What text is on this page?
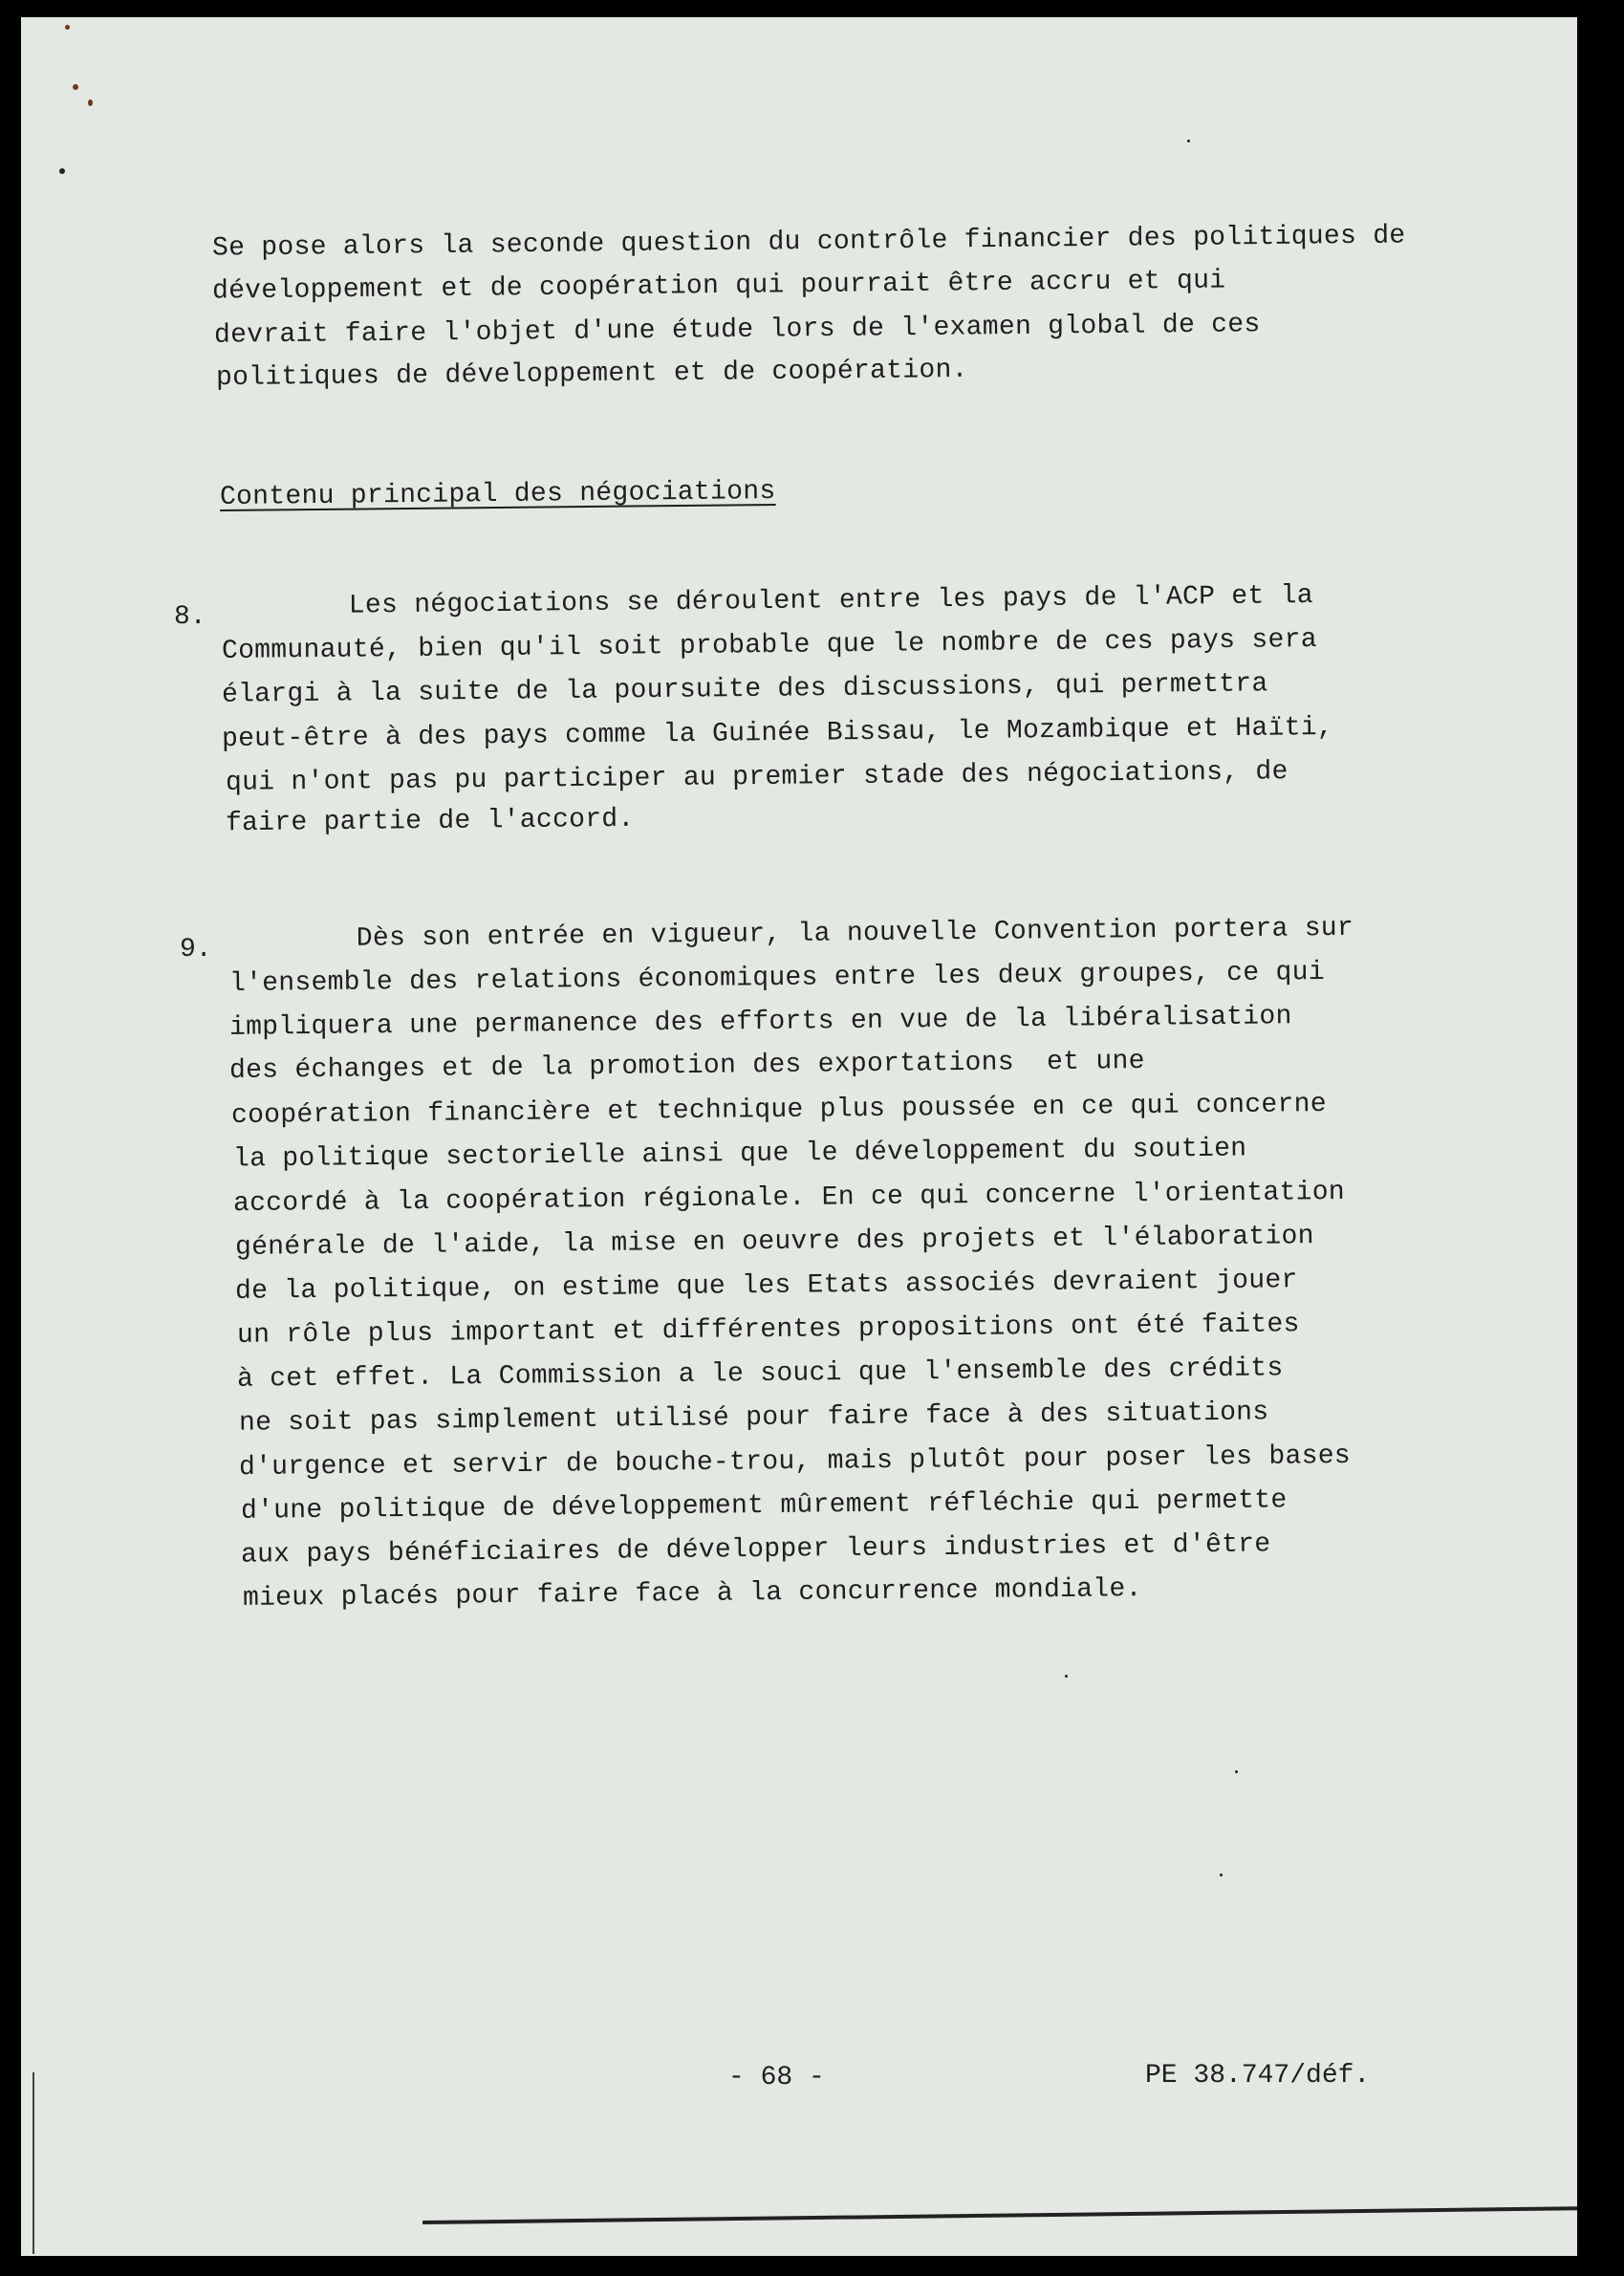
Se pose alors la seconde question du contrôle financier des politiques de
développement et de coopération qui pourrait être accru et qui
devrait faire l'objet d'une étude lors de l'examen global de ces
politiques de développement et de coopération.
Contenu principal des négociations
8. Les négociations se déroulent entre les pays de l'ACP et la
Communauté, bien qu'il soit probable que le nombre de ces pays sera
élargi à la suite de la poursuite des discussions, qui permettra
peut-être à des pays comme la Guinée Bissau, le Mozambique et Haïti,
qui n'ont pas pu participer au premier stade des négociations, de
faire partie de l'accord.
9. Dès son entrée en vigueur, la nouvelle Convention portera sur
l'ensemble des relations économiques entre les deux groupes, ce qui
impliquera une permanence des efforts en vue de la libéralisation
des échanges et de la promotion des exportations  et une
coopération financière et technique plus poussée en ce qui concerne
la politique sectorielle ainsi que le développement du soutien
accordé à la coopération régionale. En ce qui concerne l'orientation
générale de l'aide, la mise en oeuvre des projets et l'élaboration
de la politique, on estime que les Etats associés devraient jouer
un rôle plus important et différentes propositions ont été faites
à cet effet. La Commission a le souci que l'ensemble des crédits
ne soit pas simplement utilisé pour faire face à des situations
d'urgence et servir de bouche-trou, mais plutôt pour poser les bases
d'une politique de développement mûrement réfléchie qui permette
aux pays bénéficiaires de développer leurs industries et d'être
mieux placés pour faire face à la concurrence mondiale.
- 68 -	PE 38.747/déf.
